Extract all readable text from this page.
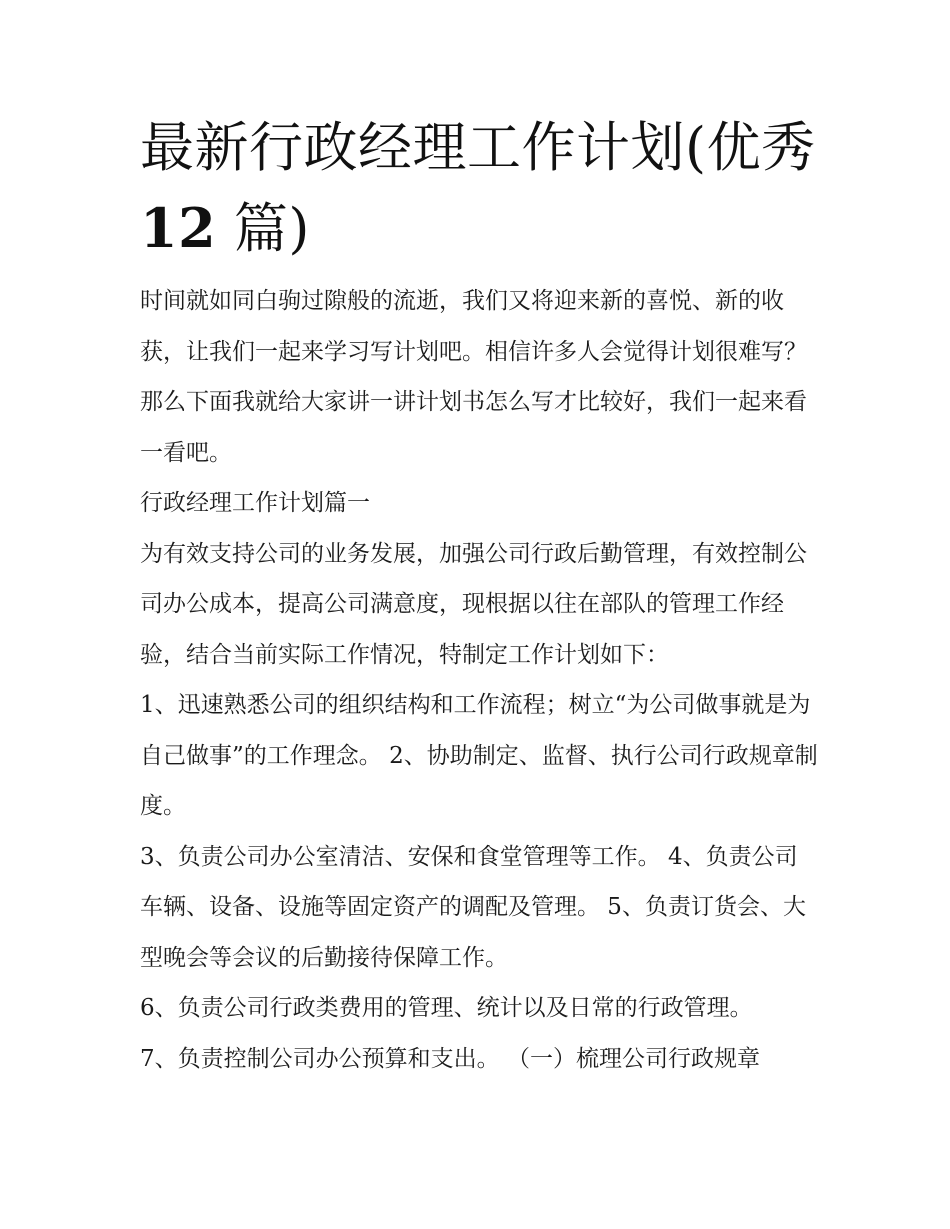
最新行政经理工作计划(优秀
12 篇)

时间就如同白驹过隙般的流逝，我们又将迎来新的喜悦、新的收获，让我们一起来学习写计划吧。相信许多人会觉得计划很难写？那么下面我就给大家讲一讲计划书怎么写才比较好，我们一起来看一看吧。

行政经理工作计划篇一

为有效支持公司的业务发展，加强公司行政后勤管理，有效控制公司办公成本，提高公司满意度，现根据以往在部队的管理工作经验，结合当前实际工作情况，特制定工作计划如下：

1、迅速熟悉公司的组织结构和工作流程；树立“为公司做事就是为自己做事”的工作理念。 2、协助制定、监督、执行公司行政规章制度。

3、负责公司办公室清洁、安保和食堂管理等工作。 4、负责公司车辆、设备、设施等固定资产的调配及管理。 5、负责订货会、大型晚会等会议的后勤接待保障工作。

6、负责公司行政类费用的管理、统计以及日常的行政管理。

7、负责控制公司办公预算和支出。 （一）梳理公司行政规章
